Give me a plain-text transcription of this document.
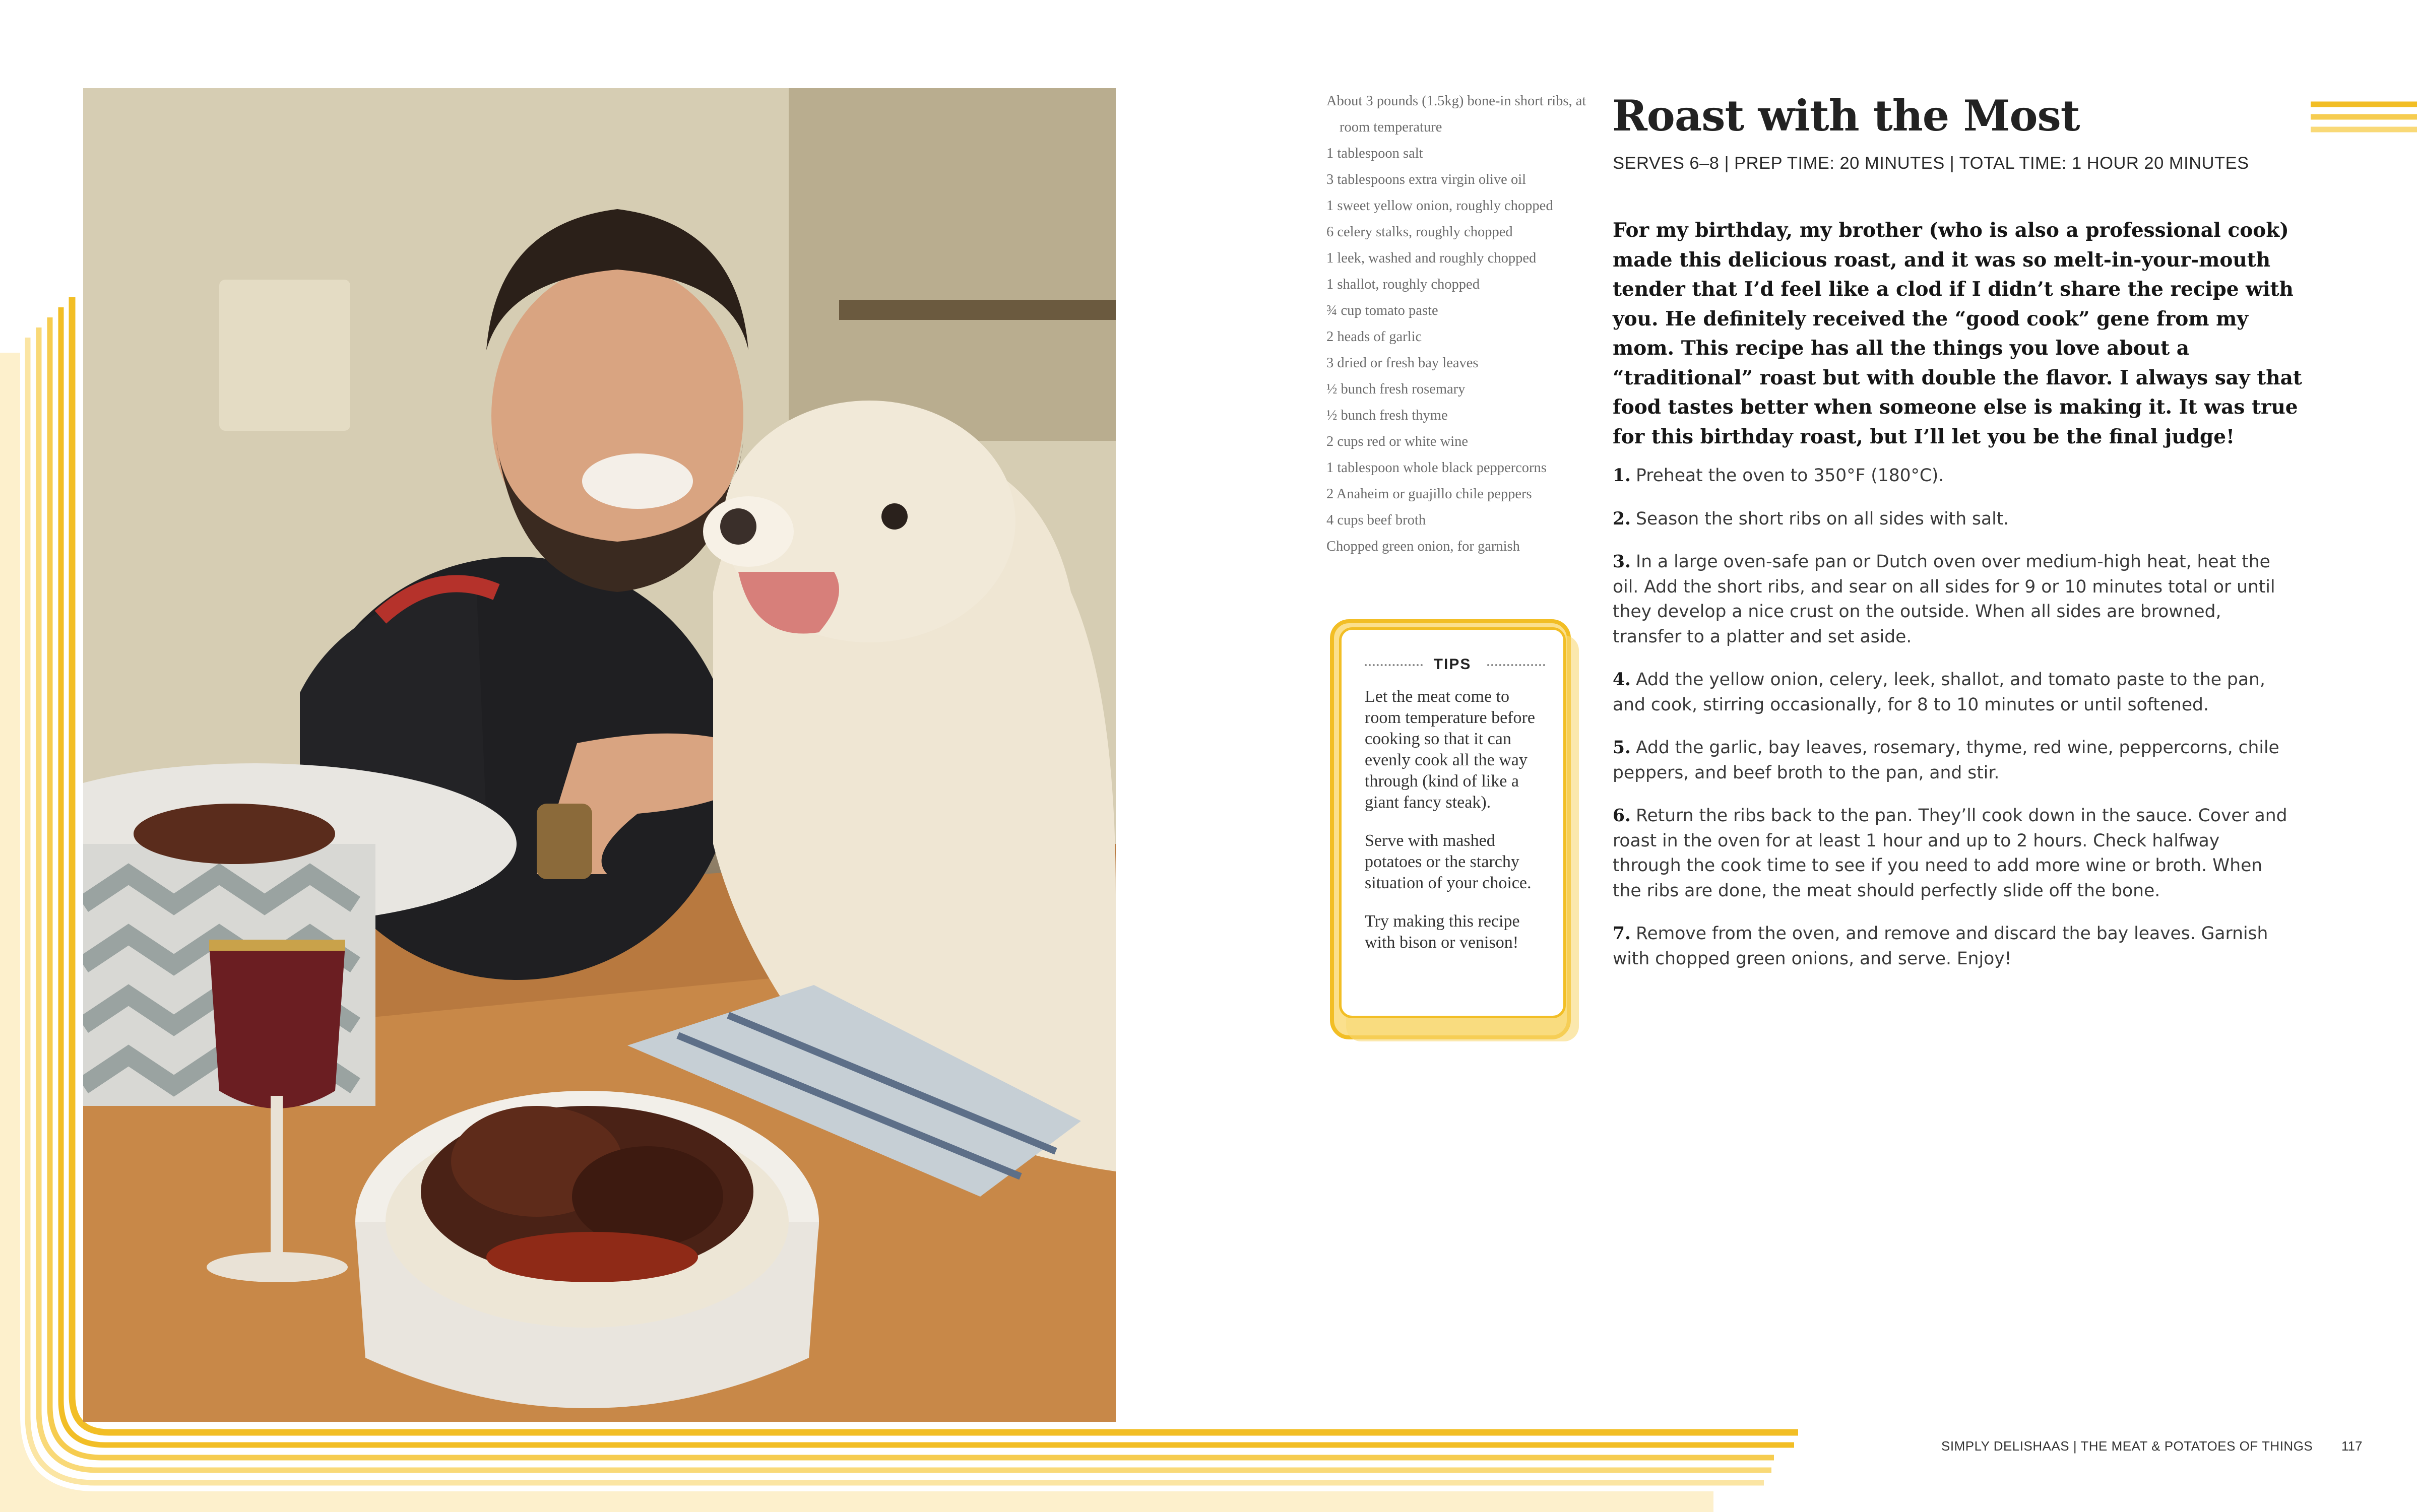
About 3 pounds (1.5kg) bone-in short ribs, at room temperature
1 tablespoon salt
3 tablespoons extra virgin olive oil
1 sweet yellow onion, roughly chopped
6 celery stalks, roughly chopped
1 leek, washed and roughly chopped
1 shallot, roughly chopped
¾ cup tomato paste
2 heads of garlic
3 dried or fresh bay leaves
½ bunch fresh rosemary
½ bunch fresh thyme
2 cups red or white wine
1 tablespoon whole black peppercorns
2 Anaheim or guajillo chile peppers
4 cups beef broth
Chopped green onion, for garnish
TIPS

Let the meat come to room temperature before cooking so that it can evenly cook all the way through (kind of like a giant fancy steak).

Serve with mashed potatoes or the starchy situation of your choice.

Try making this recipe with bison or venison!

Roast with the Most
SERVES 6–8 | PREP TIME: 20 MINUTES | TOTAL TIME: 1 HOUR 20 MINUTES

For my birthday, my brother (who is also a professional cook) made this delicious roast, and it was so melt-in-your-mouth tender that I’d feel like a clod if I didn’t share the recipe with you. He definitely received the “good cook” gene from my mom. This recipe has all the things you love about a “traditional” roast but with double the flavor. I always say that food tastes better when someone else is making it. It was true for this birthday roast, but I’ll let you be the final judge!

1. Preheat the oven to 350°F (180°C).
2. Season the short ribs on all sides with salt.
3. In a large oven-safe pan or Dutch oven over medium-high heat, heat the oil. Add the short ribs, and sear on all sides for 9 or 10 minutes total or until they develop a nice crust on the outside. When all sides are browned, transfer to a platter and set aside.
4. Add the yellow onion, celery, leek, shallot, and tomato paste to the pan, and cook, stirring occasionally, for 8 to 10 minutes or until softened.
5. Add the garlic, bay leaves, rosemary, thyme, red wine, peppercorns, chile peppers, and beef broth to the pan, and stir.
6. Return the ribs back to the pan. They’ll cook down in the sauce. Cover and roast in the oven for at least 1 hour and up to 2 hours. Check halfway through the cook time to see if you need to add more wine or broth. When the ribs are done, the meat should perfectly slide off the bone.
7. Remove from the oven, and remove and discard the bay leaves. Garnish with chopped green onions, and serve. Enjoy!
SIMPLY DELISHAAS | THE MEAT & POTATOES OF THINGS 117
